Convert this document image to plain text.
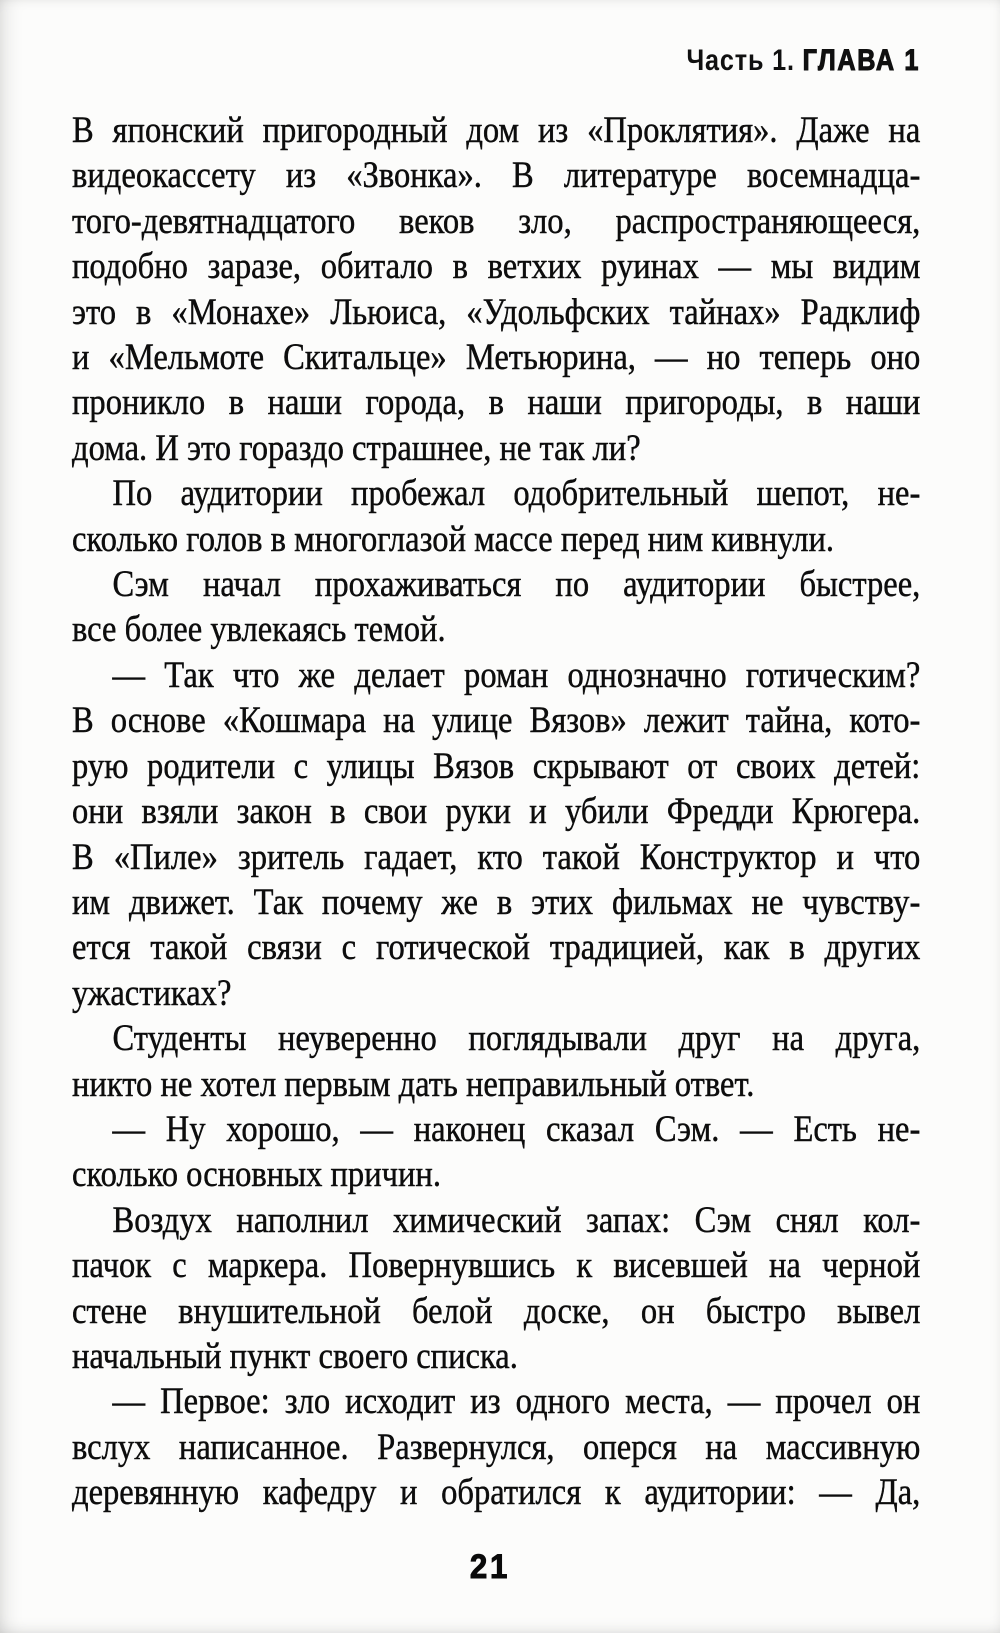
Часть 1. ГЛАВА 1

В японский пригородный дом из «Проклятия». Даже на
видеокассету из «Звонка». В литературе восемнадца-
того-девятнадцатого веков зло, распространяющееся,
подобно заразе, обитало в ветхих руинах — мы видим
это в «Монахе» Льюиса, «Удольфских тайнах» Радклиф
и «Мельмоте Скитальце» Метьюрина, — но теперь оно
проникло в наши города, в наши пригороды, в наши
дома. И это гораздо страшнее, не так ли?

По аудитории пробежал одобрительный шепот, не-
сколько голов в многоглазой массе перед ним кивнули.

Сэм начал прохаживаться по аудитории быстрее,
все более увлекаясь темой.

— Так что же делает роман однозначно готическим?
В основе «Кошмара на улице Вязов» лежит тайна, кото-
рую родители с улицы Вязов скрывают от своих детей:
они взяли закон в свои руки и убили Фредди Крюгера.
В «Пиле» зритель гадает, кто такой Конструктор и что
им движет. Так почему же в этих фильмах не чувству-
ется такой связи с готической традицией, как в других
ужастиках?

Студенты неуверенно поглядывали друг на друга,
никто не хотел первым дать неправильный ответ.

— Ну хорошо, — наконец сказал Сэм. — Есть не-
сколько основных причин.

Воздух наполнил химический запах: Сэм снял кол-
пачок с маркера. Повернувшись к висевшей на черной
стене внушительной белой доске, он быстро вывел
начальный пункт своего списка.

— Первое: зло исходит из одного места, — прочел он
вслух написанное. Развернулся, оперся на массивную
деревянную кафедру и обратился к аудитории: — Да,

21
